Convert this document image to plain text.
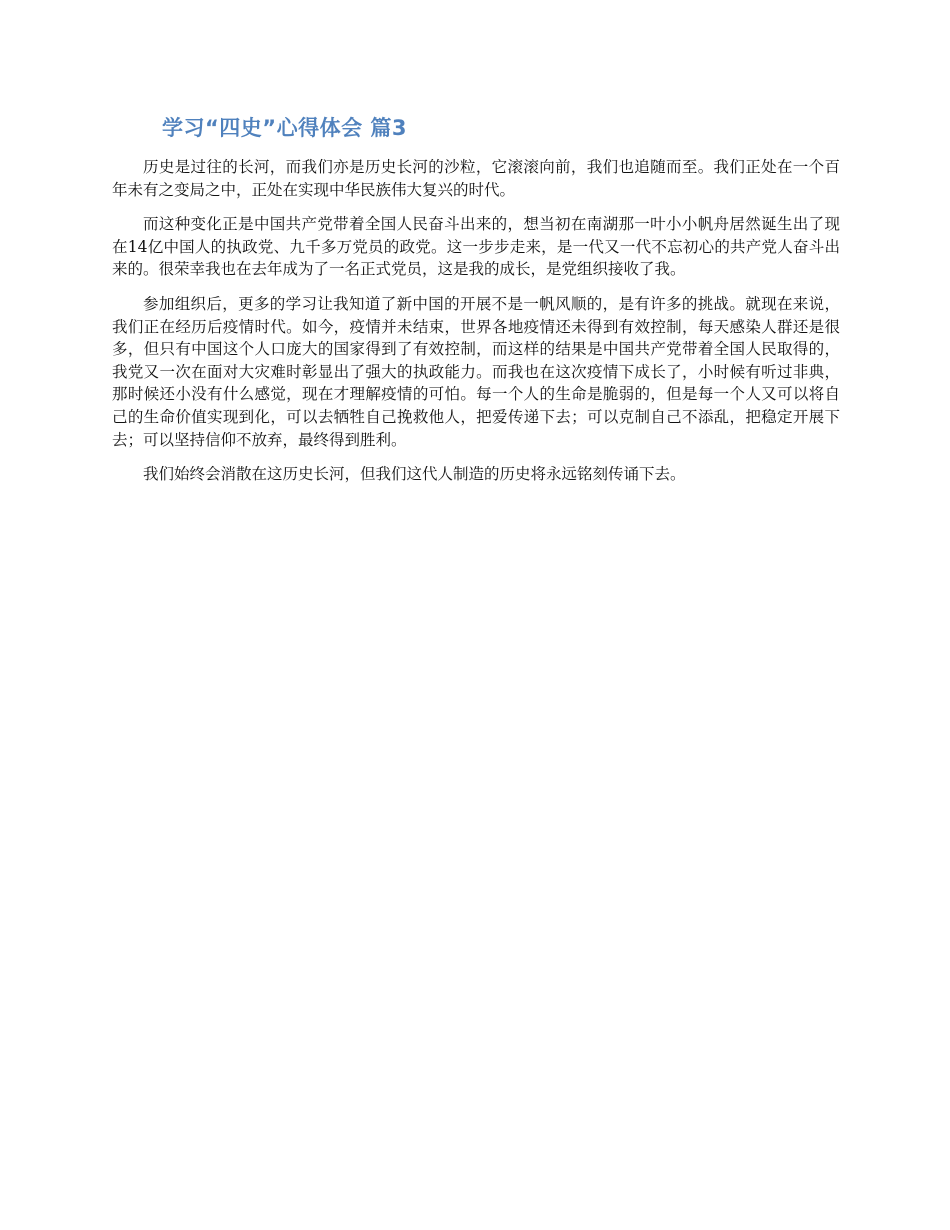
学习“四史”心得体会 篇3

历史是过往的长河，而我们亦是历史长河的沙粒，它滚滚向前，我们也追随而至。我们正处在一个百年未有之变局之中，正处在实现中华民族伟大复兴的时代。

而这种变化正是中国共产党带着全国人民奋斗出来的，想当初在南湖那一叶小小帆舟居然诞生出了现在14亿中国人的执政党、九千多万党员的政党。这一步步走来，是一代又一代不忘初心的共产党人奋斗出来的。很荣幸我也在去年成为了一名正式党员，这是我的成长，是党组织接收了我。

参加组织后，更多的学习让我知道了新中国的开展不是一帆风顺的，是有许多的挑战。就现在来说，我们正在经历后疫情时代。如今，疫情并未结束，世界各地疫情还未得到有效控制，每天感染人群还是很多，但只有中国这个人口庞大的国家得到了有效控制，而这样的结果是中国共产党带着全国人民取得的，我党又一次在面对大灾难时彰显出了强大的执政能力。而我也在这次疫情下成长了，小时候有听过非典，那时候还小没有什么感觉，现在才理解疫情的可怕。每一个人的生命是脆弱的，但是每一个人又可以将自己的生命价值实现到化，可以去牺牲自己挽救他人，把爱传递下去；可以克制自己不添乱，把稳定开展下去；可以坚持信仰不放弃，最终得到胜利。

我们始终会消散在这历史长河，但我们这代人制造的历史将永远铭刻传诵下去。
